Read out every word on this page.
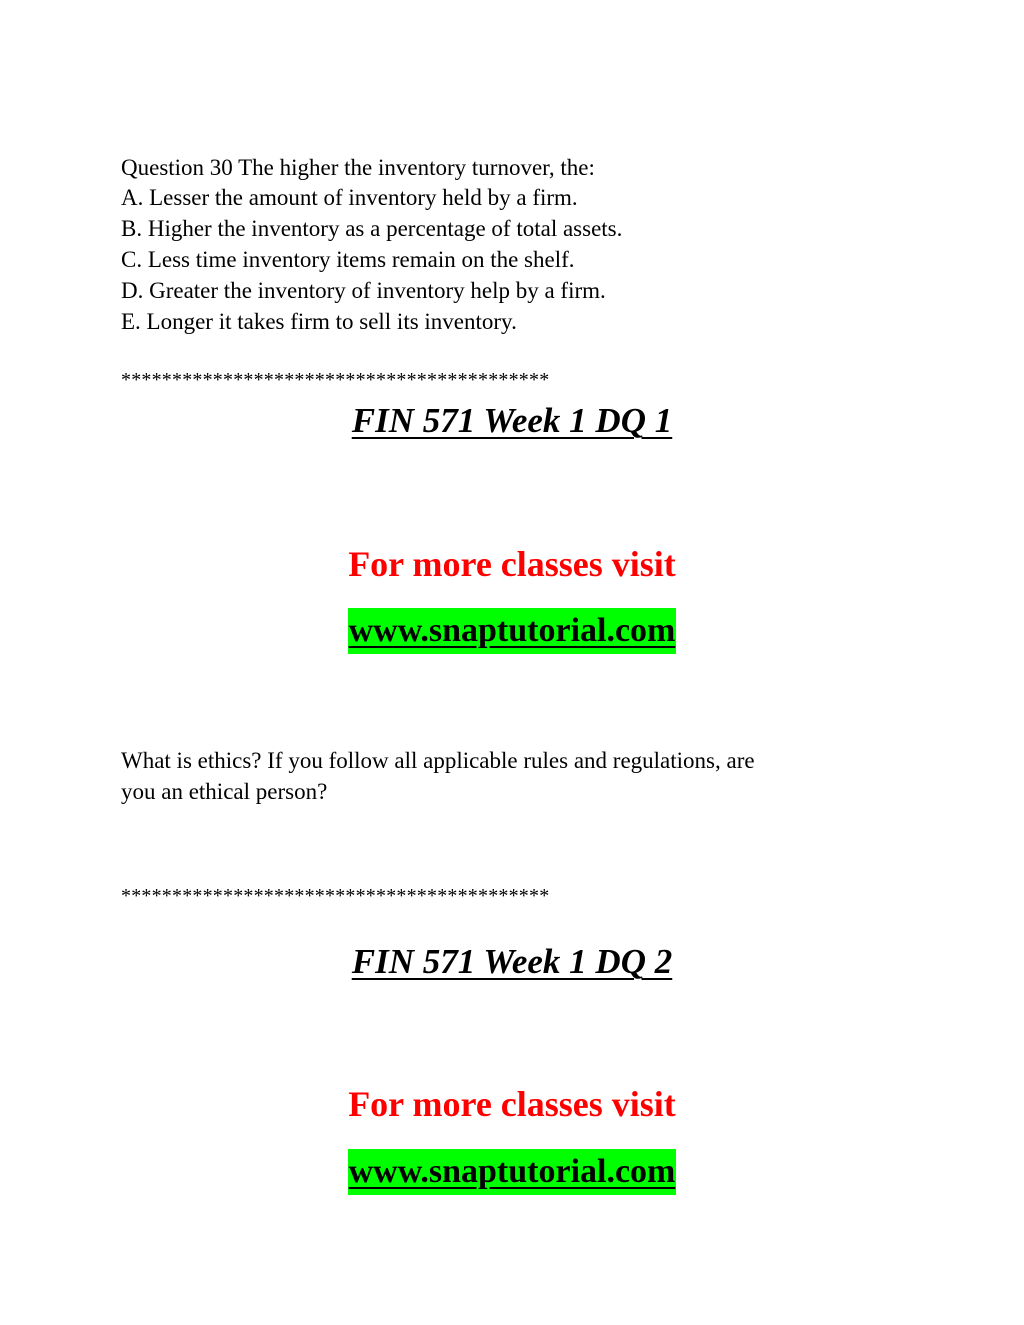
Question 30 The higher the inventory turnover, the:
A. Lesser the amount of inventory held by a firm.
B. Higher the inventory as a percentage of total assets.
C. Less time inventory items remain on the shelf.
D. Greater the inventory of inventory help by a firm.
E. Longer it takes firm to sell its inventory.
******************************************
FIN 571 Week 1 DQ 1
For more classes visit
www.snaptutorial.com
What is ethics? If you follow all applicable rules and regulations, are
you an ethical person?
******************************************
FIN 571 Week 1 DQ 2
For more classes visit
www.snaptutorial.com
